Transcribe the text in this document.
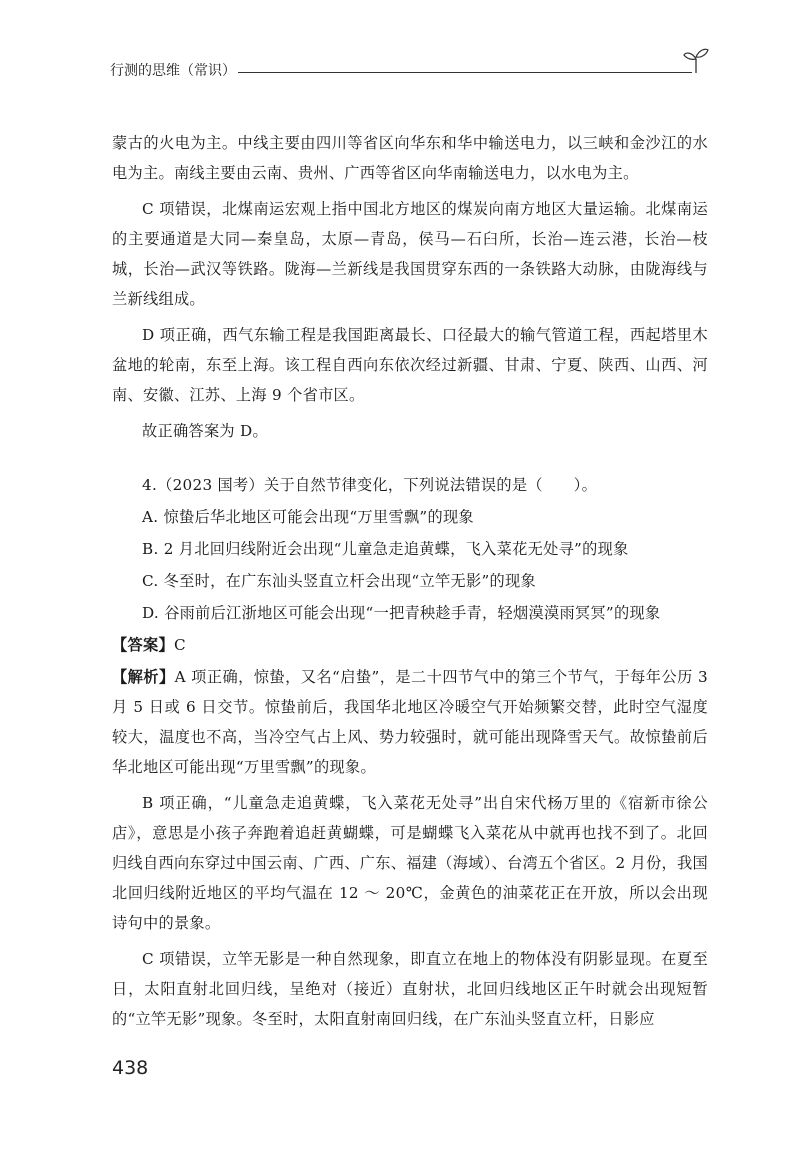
行测的思维（常识）

蒙古的火电为主。中线主要由四川等省区向华东和华中输送电力，以三峡和金沙江的水电为主。南线主要由云南、贵州、广西等省区向华南输送电力，以水电为主。

C 项错误，北煤南运宏观上指中国北方地区的煤炭向南方地区大量运输。北煤南运的主要通道是大同—秦皇岛，太原—青岛，侯马—石臼所，长治—连云港，长治—枝城，长治—武汉等铁路。陇海—兰新线是我国贯穿东西的一条铁路大动脉，由陇海线与兰新线组成。

D 项正确，西气东输工程是我国距离最长、口径最大的输气管道工程，西起塔里木盆地的轮南，东至上海。该工程自西向东依次经过新疆、甘肃、宁夏、陕西、山西、河南、安徽、江苏、上海 9 个省市区。

故正确答案为 D。

4.（2023 国考）关于自然节律变化，下列说法错误的是（　　）。

A. 惊蛰后华北地区可能会出现“万里雪飘”的现象

B. 2 月北回归线附近会出现“儿童急走追黄蝶，飞入菜花无处寻”的现象

C. 冬至时，在广东汕头竖直立杆会出现“立竿无影”的现象

D. 谷雨前后江浙地区可能会出现“一把青秧趁手青，轻烟漠漠雨冥冥”的现象

【答案】C

【解析】A 项正确，惊蛰，又名“启蛰”，是二十四节气中的第三个节气，于每年公历 3 月 5 日或 6 日交节。惊蛰前后，我国华北地区冷暖空气开始频繁交替，此时空气湿度较大，温度也不高，当冷空气占上风、势力较强时，就可能出现降雪天气。故惊蛰前后华北地区可能出现“万里雪飘”的现象。

B 项正确，“儿童急走追黄蝶，飞入菜花无处寻”出自宋代杨万里的《宿新市徐公店》，意思是小孩子奔跑着追赶黄蝴蝶，可是蝴蝶飞入菜花从中就再也找不到了。北回归线自西向东穿过中国云南、广西、广东、福建（海域）、台湾五个省区。2 月份，我国北回归线附近地区的平均气温在 12 ～ 20℃，金黄色的油菜花正在开放，所以会出现诗句中的景象。

C 项错误，立竿无影是一种自然现象，即直立在地上的物体没有阴影显现。在夏至日，太阳直射北回归线，呈绝对（接近）直射状，北回归线地区正午时就会出现短暂的“立竿无影”现象。冬至时，太阳直射南回归线，在广东汕头竖直立杆，日影应

438
